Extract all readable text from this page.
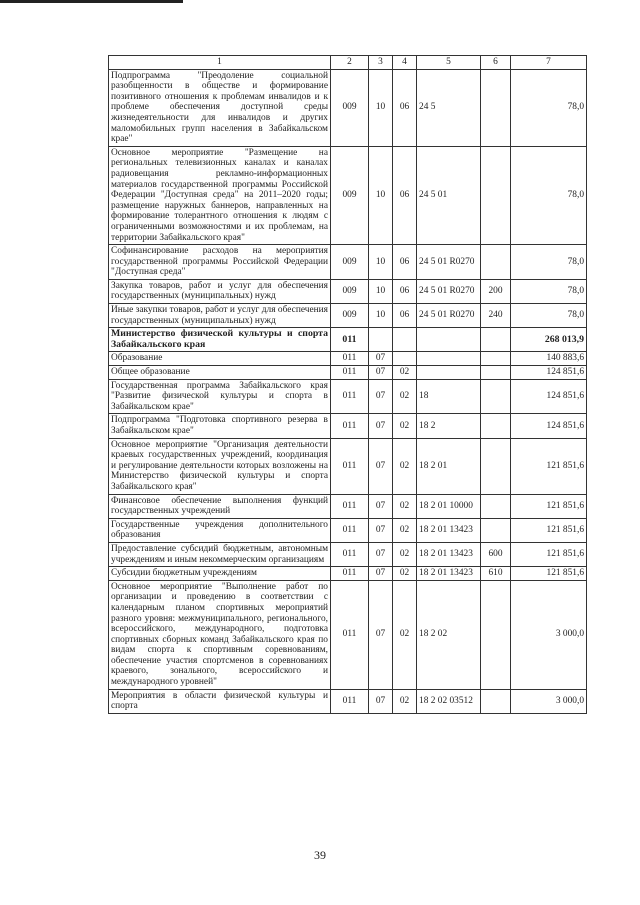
1	2	3	4	5	6	7
Подпрограмма "Преодоление социальной разобщенности в обществе и формирование позитивного отношения к проблемам инвалидов и к проблеме обеспечения доступной среды жизнедеятельности для инвалидов и других маломобильных групп населения в Забайкальском крае"	009	10	06	24 5		78,0
Основное мероприятие "Размещение на региональных телевизионных каналах и каналах радиовещания рекламно-информационных материалов государственной программы Российской Федерации "Доступная среда" на 2011–2020 годы; размещение наружных баннеров, направленных на формирование толерантного отношения к людям с ограниченными возможностями и их проблемам, на территории Забайкальского края"	009	10	06	24 5 01		78,0
Софинансирование расходов на мероприятия государственной программы Российской Федерации "Доступная среда"	009	10	06	24 5 01 R0270		78,0
Закупка товаров, работ и услуг для обеспечения государственных (муниципальных) нужд	009	10	06	24 5 01 R0270	200	78,0
Иные закупки товаров, работ и услуг для обеспечения государственных (муниципальных) нужд	009	10	06	24 5 01 R0270	240	78,0
Министерство физической культуры и спорта Забайкальского края	011					268 013,9
Образование	011	07				140 883,6
Общее образование	011	07	02			124 851,6
Государственная программа Забайкальского края "Развитие физической культуры и спорта в Забайкальском крае"	011	07	02	18		124 851,6
Подпрограмма "Подготовка спортивного резерва в Забайкальском крае"	011	07	02	18 2		124 851,6
Основное мероприятие "Организация деятельности краевых государственных учреждений, координация и регулирование деятельности которых возложены на Министерство физической культуры и спорта Забайкальского края"	011	07	02	18 2 01		121 851,6
Финансовое обеспечение выполнения функций государственных учреждений	011	07	02	18 2 01 10000		121 851,6
Государственные учреждения дополнительного образования	011	07	02	18 2 01 13423		121 851,6
Предоставление субсидий бюджетным, автономным учреждениям и иным некоммерческим организациям	011	07	02	18 2 01 13423	600	121 851,6
Субсидии бюджетным учреждениям	011	07	02	18 2 01 13423	610	121 851,6
Основное мероприятие "Выполнение работ по организации и проведению в соответствии с календарным планом спортивных мероприятий разного уровня: межмуниципального, регионального, всероссийского, международного, подготовка спортивных сборных команд Забайкальского края по видам спорта к спортивным соревнованиям, обеспечение участия спортсменов в соревнованиях краевого, зонального, всероссийского и международного уровней"	011	07	02	18 2 02		3 000,0
Мероприятия в области физической культуры и спорта	011	07	02	18 2 02 03512		3 000,0
39
